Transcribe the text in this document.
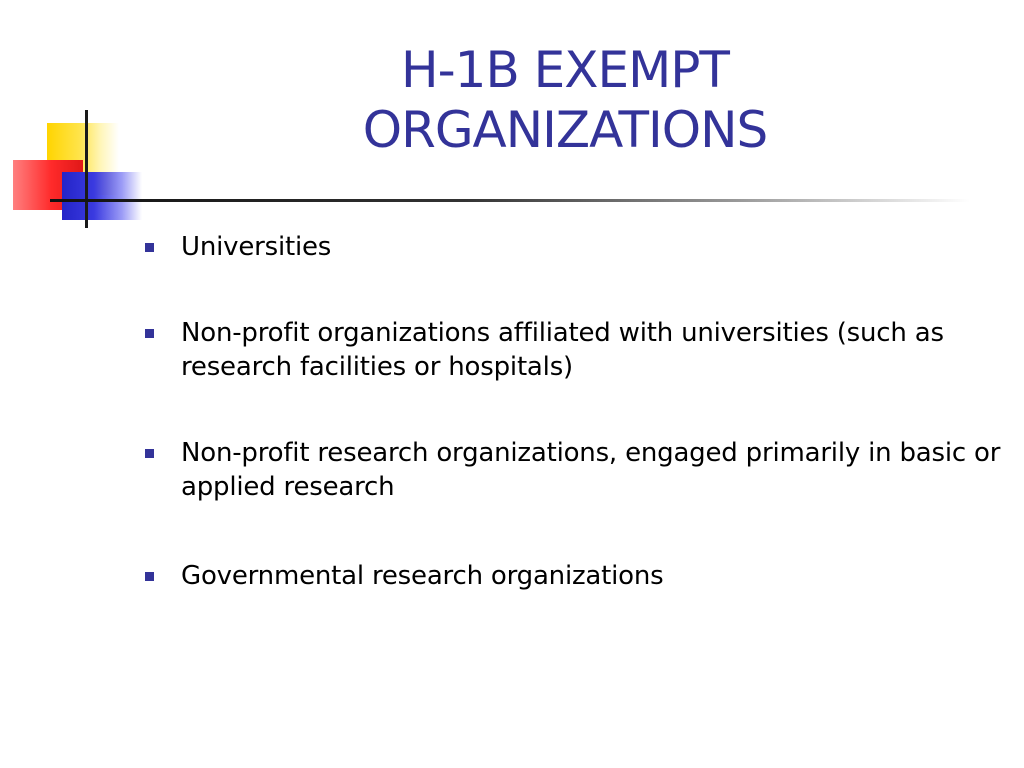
H-1B EXEMPT
ORGANIZATIONS
Universities
Non-profit organizations affiliated with universities (such as research facilities or hospitals)
Non-profit research organizations, engaged primarily in basic or applied research
Governmental research organizations
